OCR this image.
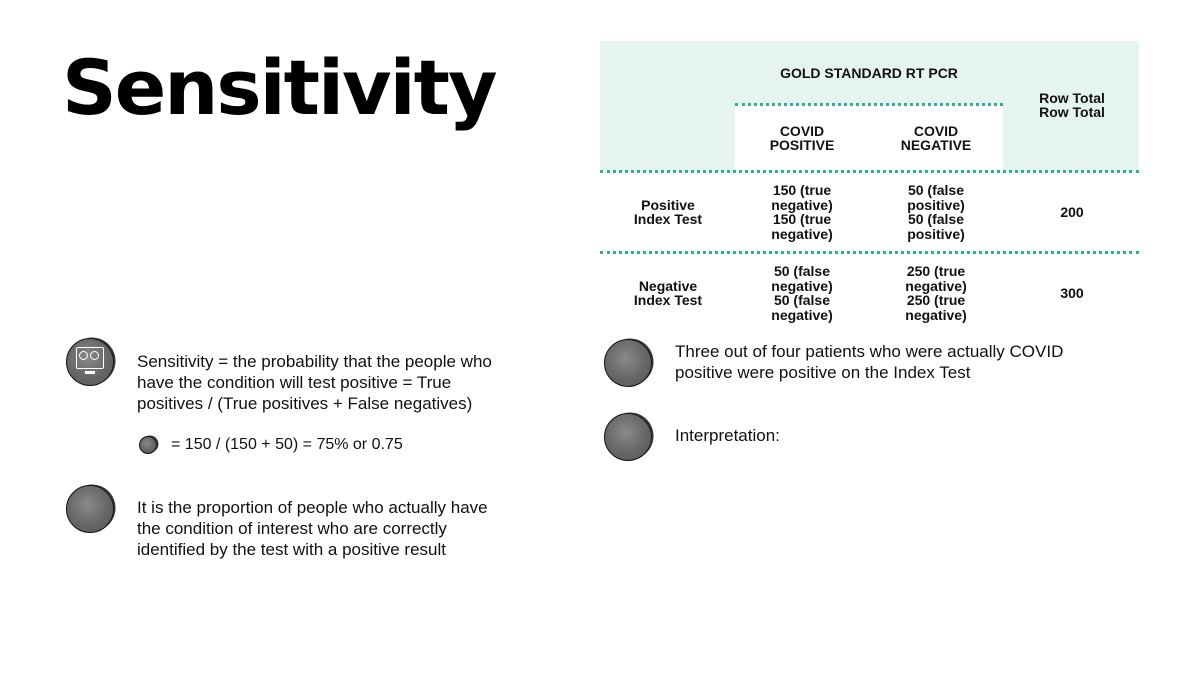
Sensitivity	GOLD STANDARD RT PCR
Row Total
Row Total
COVID
POSITIVE
COVID
NEGATIVE
Positive
Index Test
150 (true
negative)
150 (true
negative)
50 (false
positive)
50 (false
positive)
200
Negative
Index Test
50 (false
negative)
50 (false
negative)
250 (true
negative)
250 (true
negative)
300

Sensitivity = the probability that the people who have the condition will test positive = True positives / (True positives + False negatives)

= 150 / (150 + 50) = 75% or 0.75

It is the proportion of people who actually have the condition of interest who are correctly identified by the test with a positive result

Three out of four patients who were actually COVID positive were positive on the Index Test

Interpretation:
